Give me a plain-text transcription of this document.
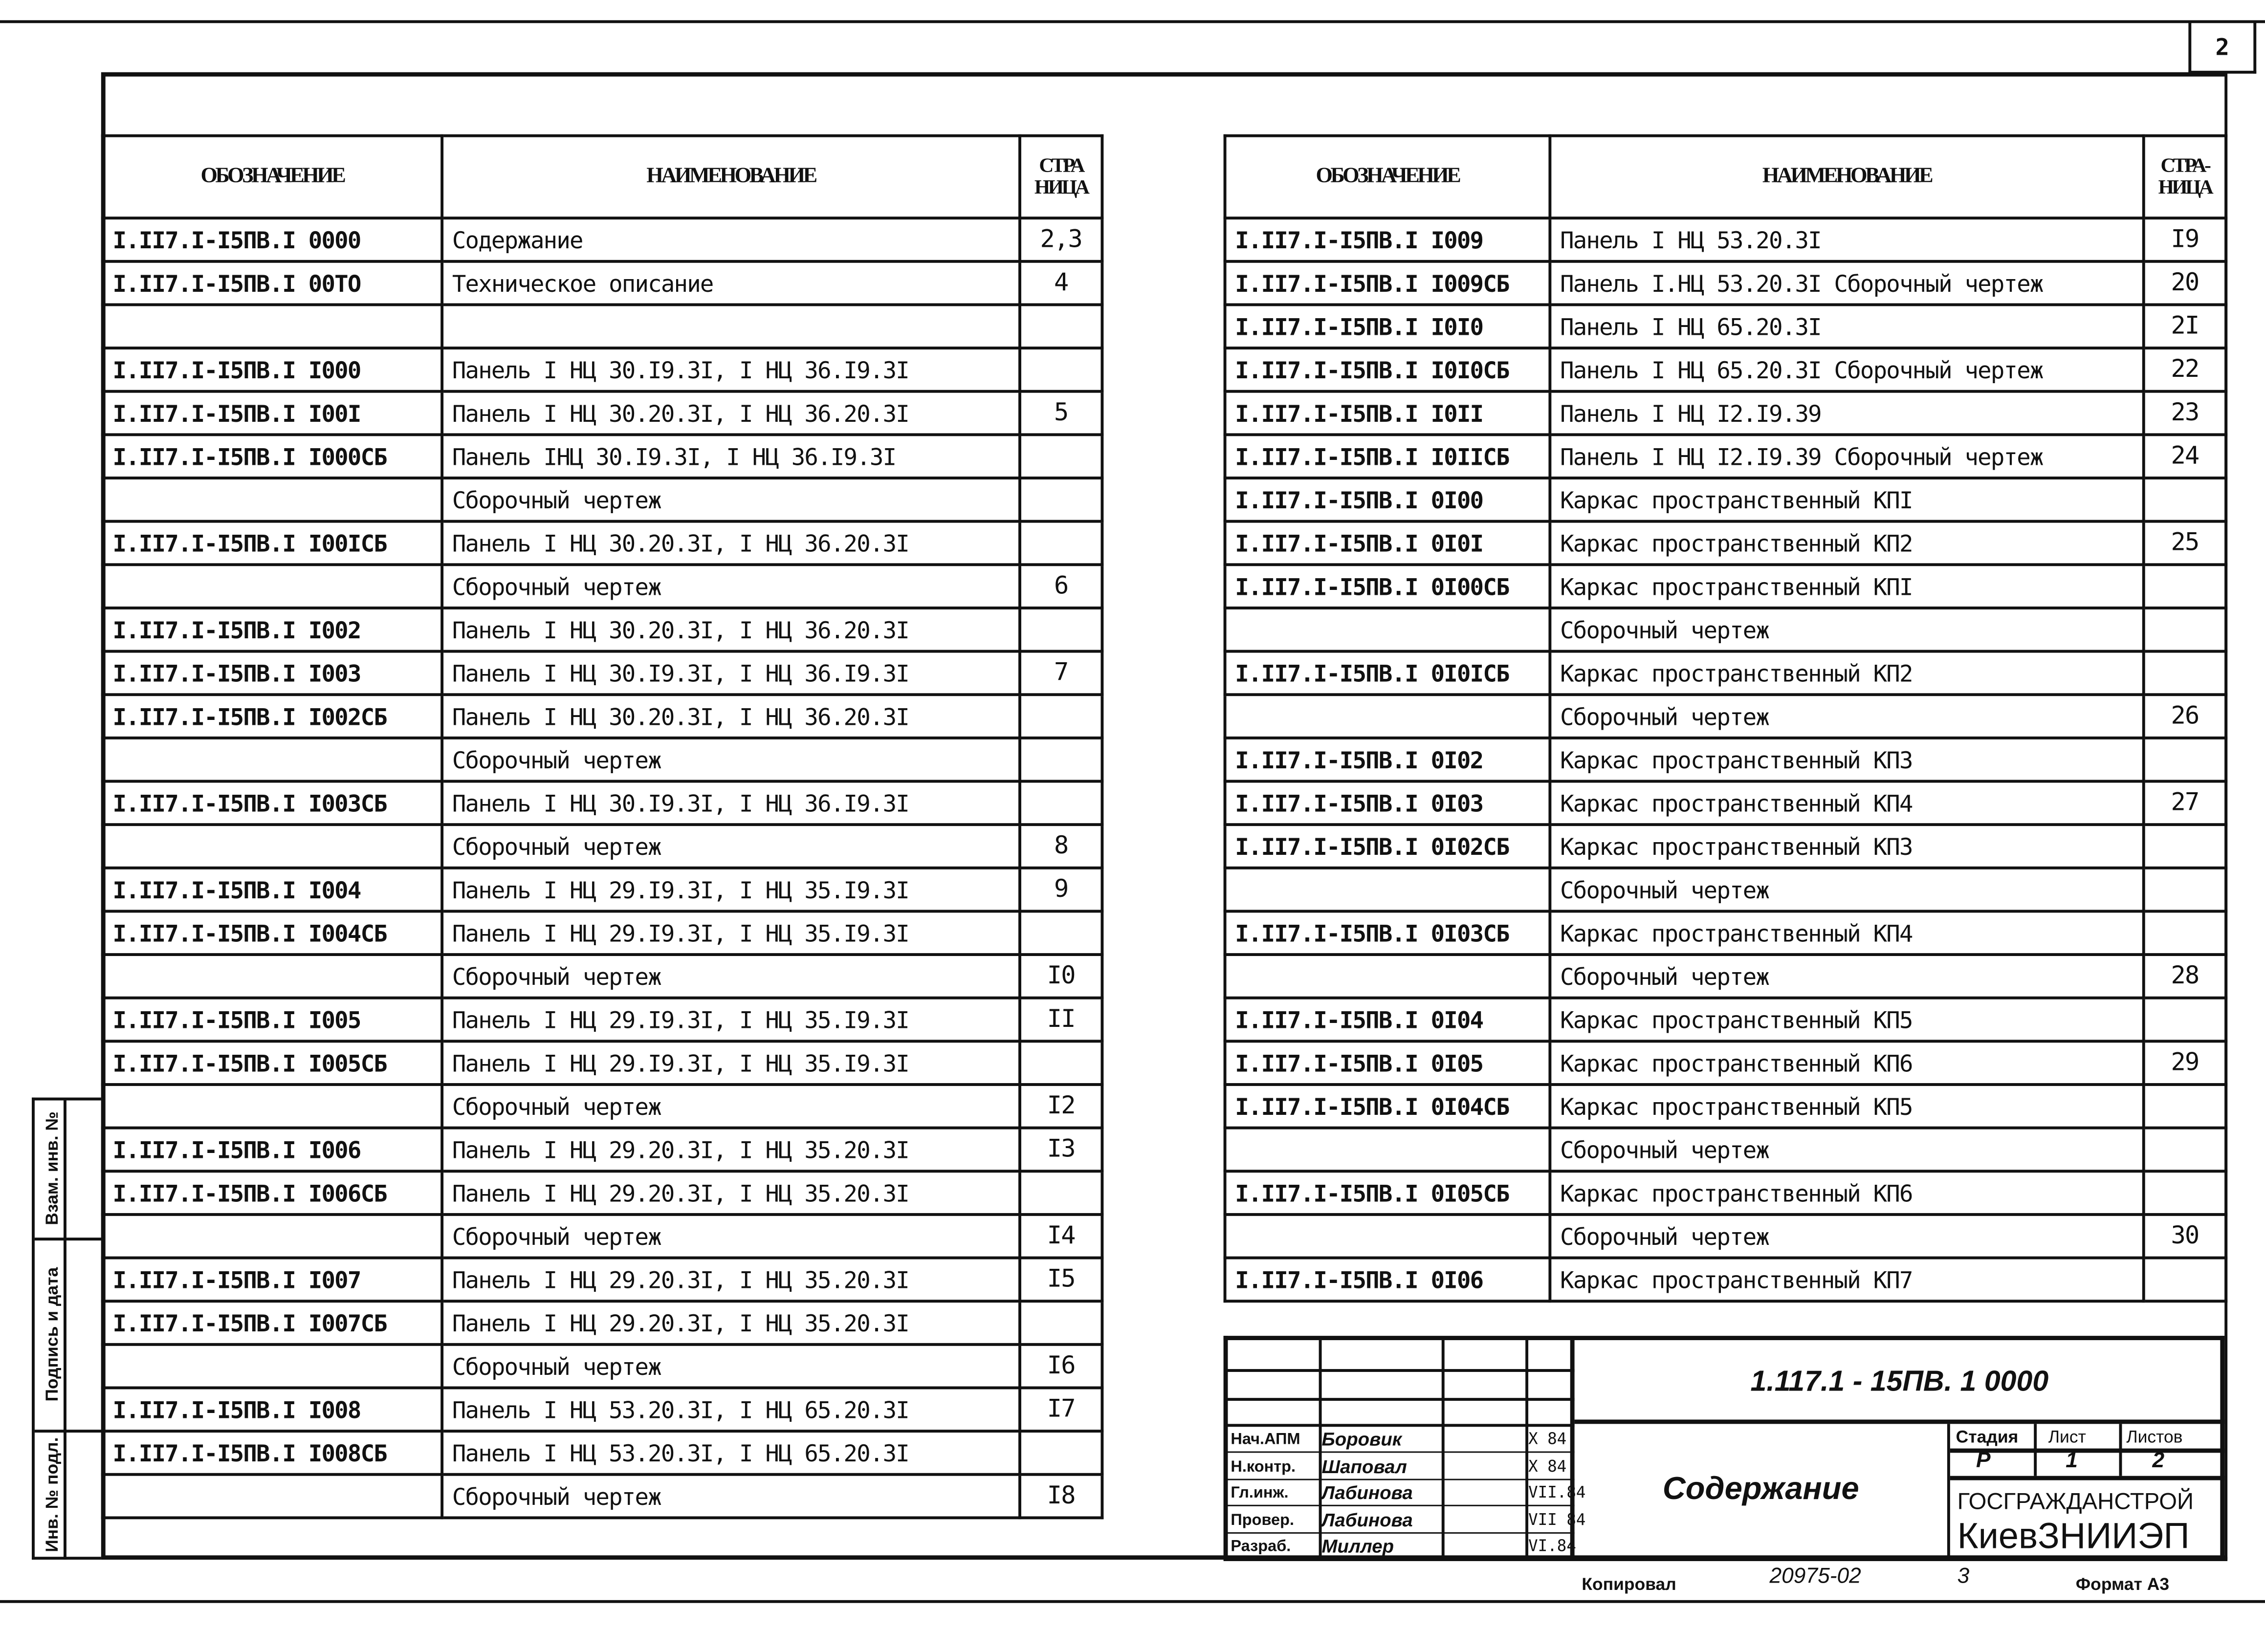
2
ОБОЗНАЧЕНИЕ	НАИМЕНОВАНИЕ	СТРА НИЦА
I.II7.I-I5ПВ.I 0000	Содержание	2,3
I.II7.I-I5ПВ.I 00ТО	Техническое описание	4

I.II7.I-I5ПВ.I I000	Панель I НЦ 30.I9.3I, I НЦ 36.I9.3I	
I.II7.I-I5ПВ.I I00I	Панель I НЦ 30.20.3I, I НЦ 36.20.3I	5
I.II7.I-I5ПВ.I I000СБ	Панель IНЦ 30.I9.3I, I НЦ 36.I9.3I	
	Сборочный чертеж	
I.II7.I-I5ПВ.I I00IСБ	Панель I НЦ 30.20.3I, I НЦ 36.20.3I	
	Сборочный чертеж	6
I.II7.I-I5ПВ.I I002	Панель I НЦ 30.20.3I, I НЦ 36.20.3I	
I.II7.I-I5ПВ.I I003	Панель I НЦ 30.I9.3I, I НЦ 36.I9.3I	7
I.II7.I-I5ПВ.I I002СБ	Панель I НЦ 30.20.3I, I НЦ 36.20.3I	
	Сборочный чертеж	
I.II7.I-I5ПВ.I I003СБ	Панель I НЦ 30.I9.3I, I НЦ 36.I9.3I	
	Сборочный чертеж	8
I.II7.I-I5ПВ.I I004	Панель I НЦ 29.I9.3I, I НЦ 35.I9.3I	9
I.II7.I-I5ПВ.I I004СБ	Панель I НЦ 29.I9.3I, I НЦ 35.I9.3I	
	Сборочный чертеж	I0
I.II7.I-I5ПВ.I I005	Панель I НЦ 29.I9.3I, I НЦ 35.I9.3I	II
I.II7.I-I5ПВ.I I005СБ	Панель I НЦ 29.I9.3I, I НЦ 35.I9.3I	
	Сборочный чертеж	I2
I.II7.I-I5ПВ.I I006	Панель I НЦ 29.20.3I, I НЦ 35.20.3I	I3
I.II7.I-I5ПВ.I I006СБ	Панель I НЦ 29.20.3I, I НЦ 35.20.3I	
	Сборочный чертеж	I4
I.II7.I-I5ПВ.I I007	Панель I НЦ 29.20.3I, I НЦ 35.20.3I	I5
I.II7.I-I5ПВ.I I007СБ	Панель I НЦ 29.20.3I, I НЦ 35.20.3I	
	Сборочный чертеж	I6
I.II7.I-I5ПВ.I I008	Панель I НЦ 53.20.3I, I НЦ 65.20.3I	I7
I.II7.I-I5ПВ.I I008СБ	Панель I НЦ 53.20.3I, I НЦ 65.20.3I	
	Сборочный чертеж	I8
ОБОЗНАЧЕНИЕ	НАИМЕНОВАНИЕ	СТРА- НИЦА
I.II7.I-I5ПВ.I I009	Панель I НЦ 53.20.3I	I9
I.II7.I-I5ПВ.I I009СБ	Панель I.НЦ 53.20.3I Сборочный чертеж	20
I.II7.I-I5ПВ.I I0I0	Панель I НЦ 65.20.3I	2I
I.II7.I-I5ПВ.I I0I0СБ	Панель I НЦ 65.20.3I Сборочный чертеж	22
I.II7.I-I5ПВ.I I0II	Панель I НЦ I2.I9.39	23
I.II7.I-I5ПВ.I I0IIСБ	Панель I НЦ I2.I9.39 Сборочный чертеж	24
I.II7.I-I5ПВ.I 0I00	Каркас пространственный КПI	
I.II7.I-I5ПВ.I 0I0I	Каркас пространственный КП2	25
I.II7.I-I5ПВ.I 0I00СБ	Каркас пространственный КПI	
	Сборочный чертеж	
I.II7.I-I5ПВ.I 0I0IСБ	Каркас пространственный КП2	
	Сборочный чертеж	26
I.II7.I-I5ПВ.I 0I02	Каркас пространственный КП3	
I.II7.I-I5ПВ.I 0I03	Каркас пространственный КП4	27
I.II7.I-I5ПВ.I 0I02СБ	Каркас пространственный КП3	
	Сборочный чертеж	
I.II7.I-I5ПВ.I 0I03СБ	Каркас пространственный КП4	
	Сборочный чертеж	28
I.II7.I-I5ПВ.I 0I04	Каркас пространственный КП5	
I.II7.I-I5ПВ.I 0I05	Каркас пространственный КП6	29
I.II7.I-I5ПВ.I 0I04СБ	Каркас пространственный КП5	
	Сборочный чертеж	
I.II7.I-I5ПВ.I 0I05СБ	Каркас пространственный КП6	
	Сборочный чертеж	30
I.II7.I-I5ПВ.I 0I06	Каркас пространственный КП7	
Нач.АПМ	Боровик	X 84
Н.контр.	Шаповал	X 84
Гл.инж.	Лабинова	VII.84
Провер.	Лабинова	VII 84
Разраб.	Миллер	VI.84
1.117.1 - 15ПВ. 1 0000
Содержание
Стадия	Лист	Листов
Р	1	2
ГОСГРАЖДАНСТРОЙ
КиевЗНИИЭП
Копировал	20975-02	3	Формат А3
Взам. инв. №
Подпись и дата
Инв. № подл.
